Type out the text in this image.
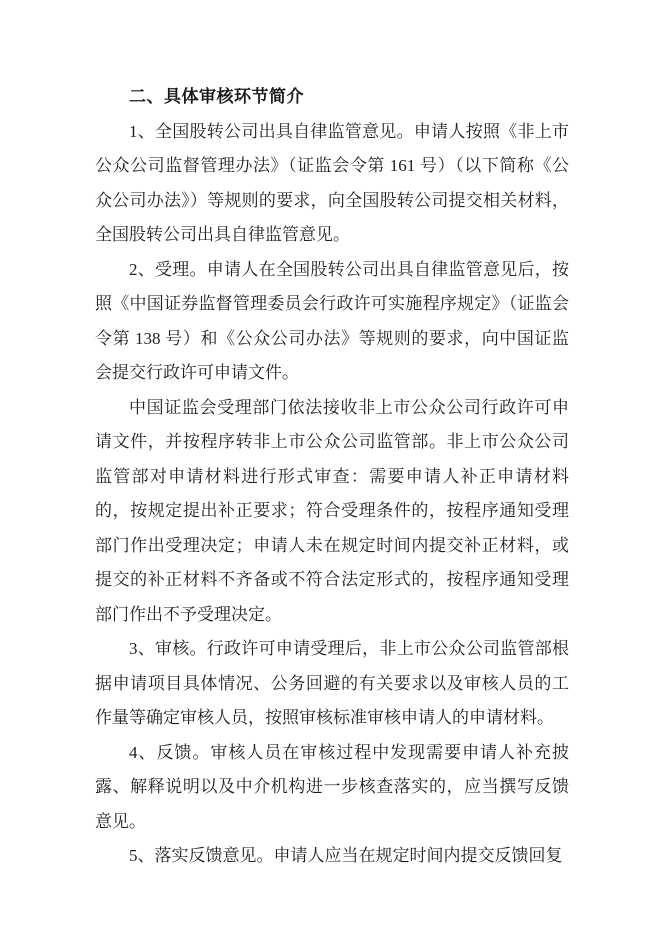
二、具体审核环节简介

1、全国股转公司出具自律监管意见。申请人按照《非上市公众公司监督管理办法》（证监会令第 161 号）（以下简称《公众公司办法》）等规则的要求，向全国股转公司提交相关材料，全国股转公司出具自律监管意见。

2、受理。申请人在全国股转公司出具自律监管意见后，按照《中国证券监督管理委员会行政许可实施程序规定》（证监会令第 138 号）和《公众公司办法》等规则的要求，向中国证监会提交行政许可申请文件。

中国证监会受理部门依法接收非上市公众公司行政许可申请文件，并按程序转非上市公众公司监管部。非上市公众公司监管部对申请材料进行形式审查：需要申请人补正申请材料的，按规定提出补正要求；符合受理条件的，按程序通知受理部门作出受理决定；申请人未在规定时间内提交补正材料，或提交的补正材料不齐备或不符合法定形式的，按程序通知受理部门作出不予受理决定。

3、审核。行政许可申请受理后，非上市公众公司监管部根据申请项目具体情况、公务回避的有关要求以及审核人员的工作量等确定审核人员，按照审核标准审核申请人的申请材料。

4、反馈。审核人员在审核过程中发现需要申请人补充披露、解释说明以及中介机构进一步核查落实的，应当撰写反馈意见。

5、落实反馈意见。申请人应当在规定时间内提交反馈回复
